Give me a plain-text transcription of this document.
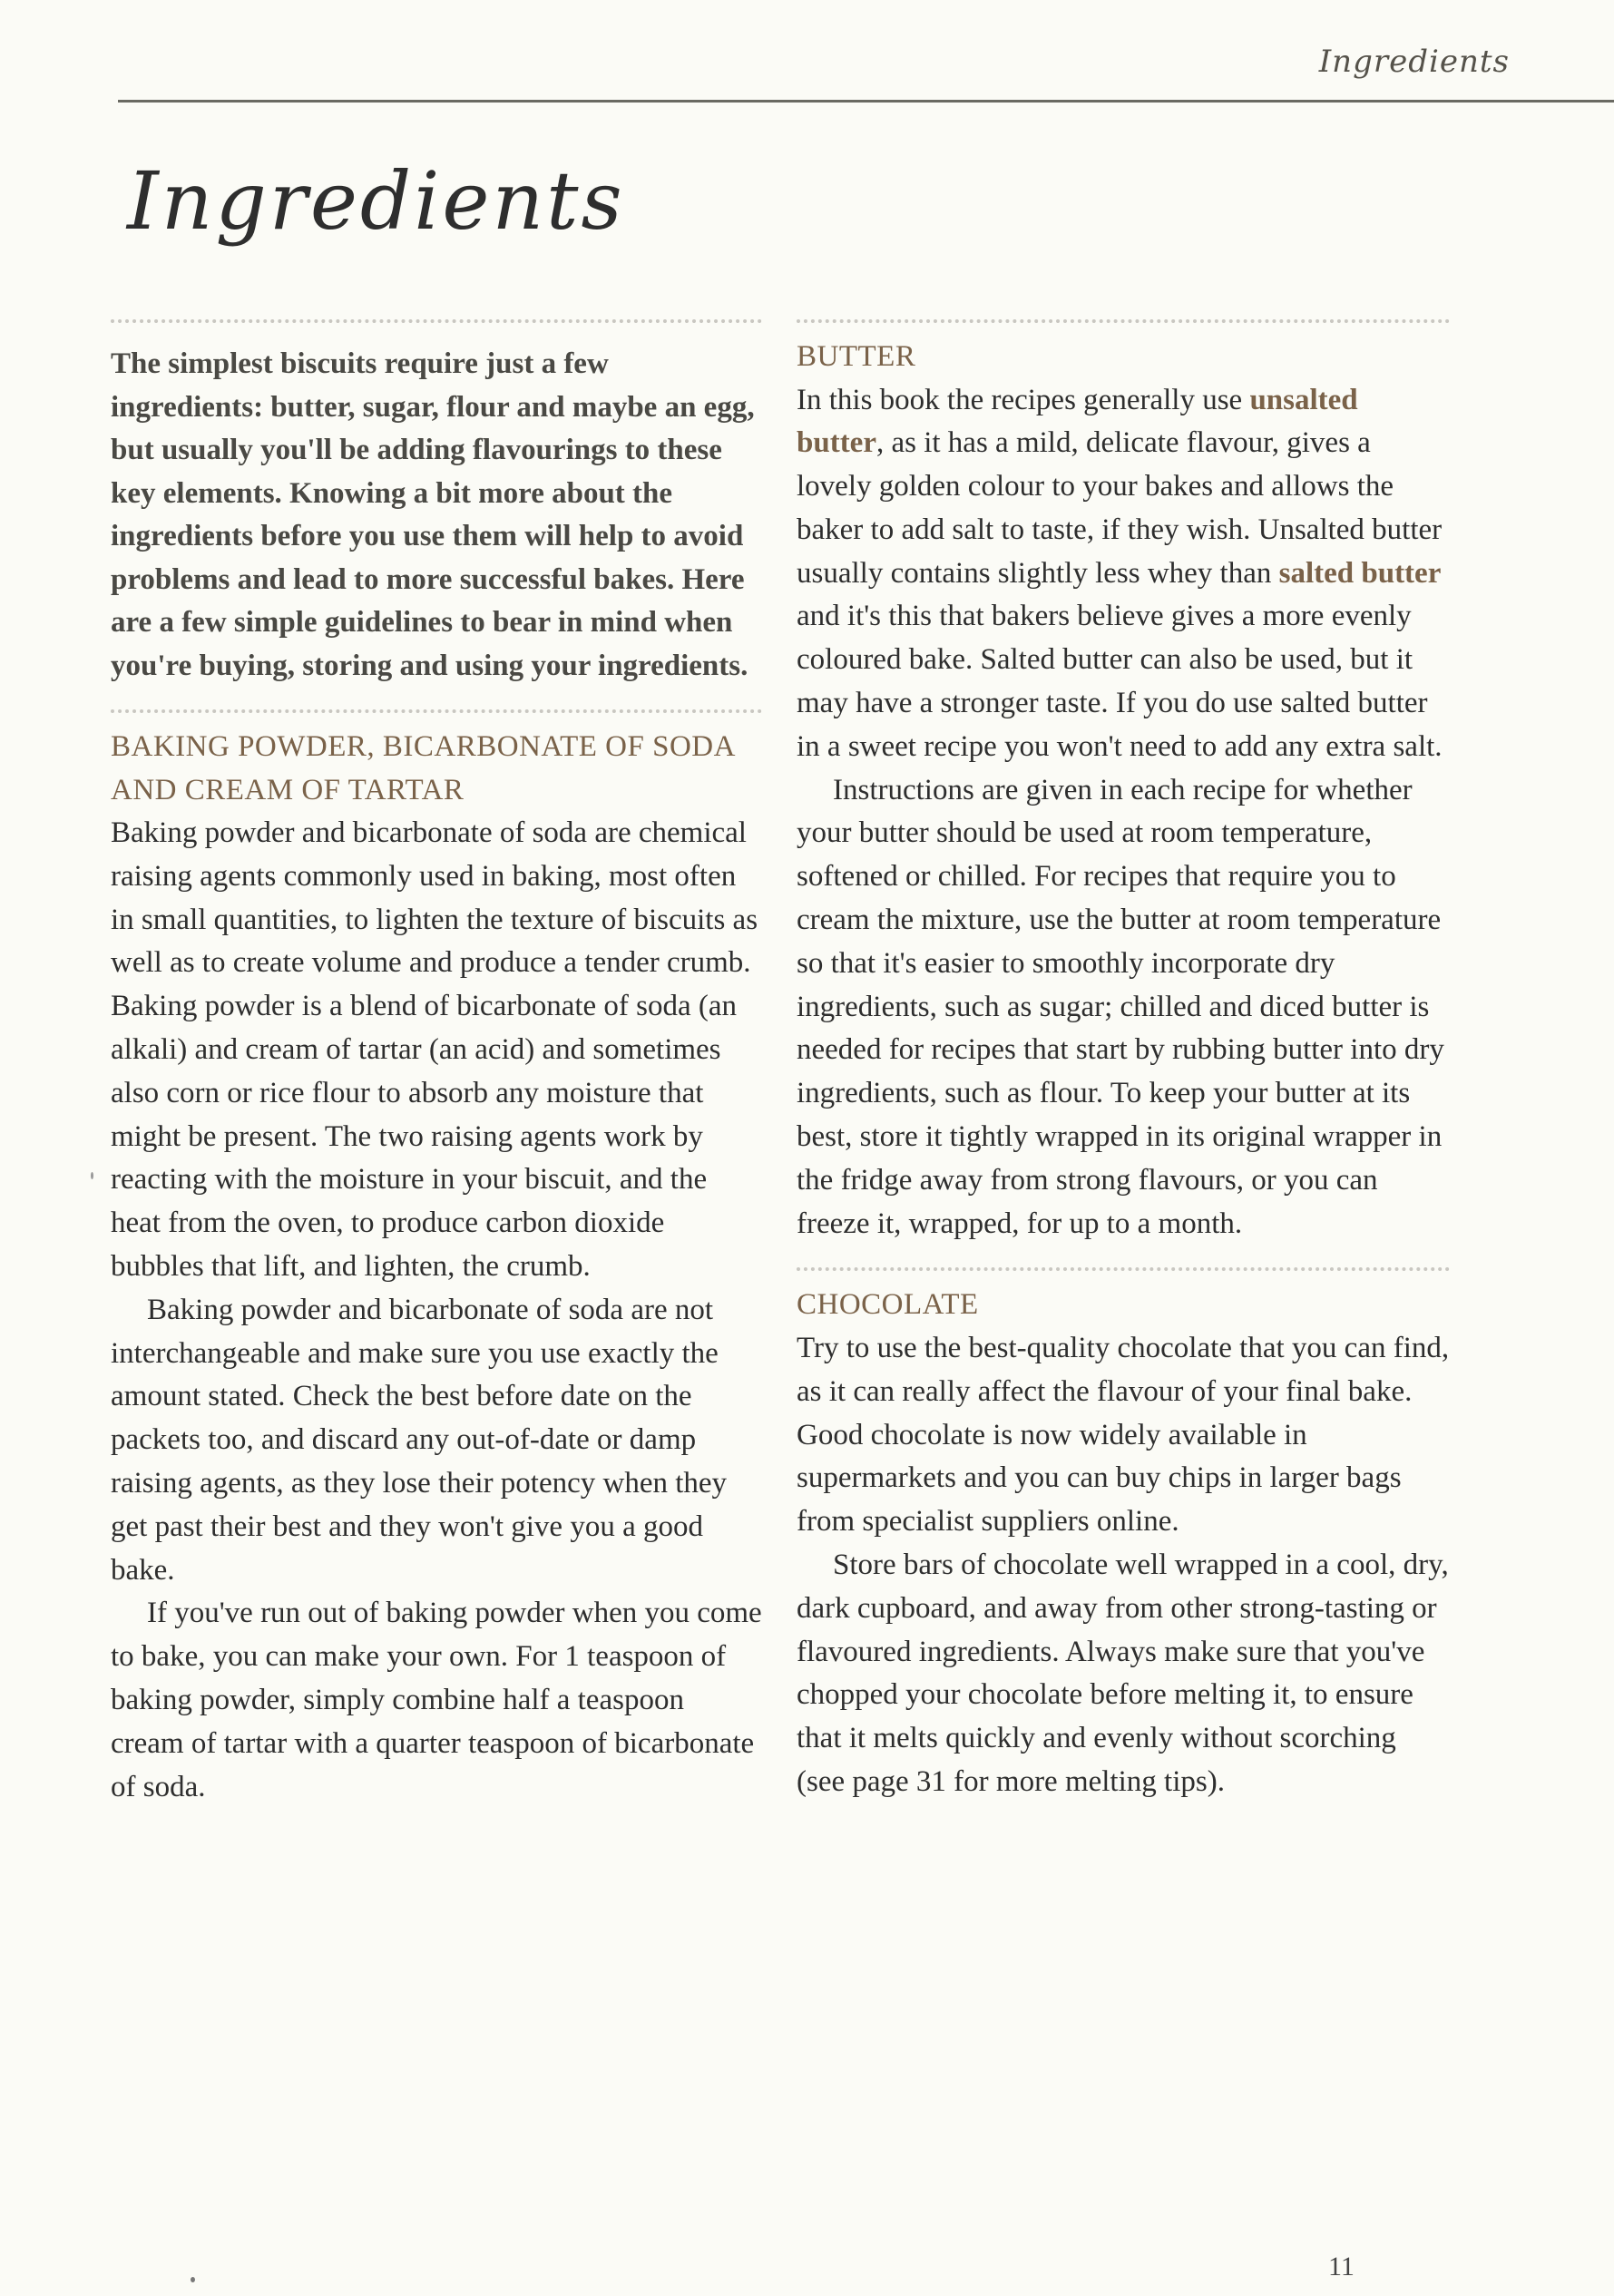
Ingredients
Ingredients

The simplest biscuits require just a few ingredients: butter, sugar, flour and maybe an egg, but usually you'll be adding flavourings to these key elements. Knowing a bit more about the ingredients before you use them will help to avoid problems and lead to more successful bakes. Here are a few simple guidelines to bear in mind when you're buying, storing and using your ingredients.

BAKING POWDER, BICARBONATE OF SODA AND CREAM OF TARTAR

Baking powder and bicarbonate of soda are chemical raising agents commonly used in baking, most often in small quantities, to lighten the texture of biscuits as well as to create volume and produce a tender crumb. Baking powder is a blend of bicarbonate of soda (an alkali) and cream of tartar (an acid) and sometimes also corn or rice flour to absorb any moisture that might be present. The two raising agents work by reacting with the moisture in your biscuit, and the heat from the oven, to produce carbon dioxide bubbles that lift, and lighten, the crumb.

Baking powder and bicarbonate of soda are not interchangeable and make sure you use exactly the amount stated. Check the best before date on the packets too, and discard any out-of-date or damp raising agents, as they lose their potency when they get past their best and they won't give you a good bake.

If you've run out of baking powder when you come to bake, you can make your own. For 1 teaspoon of baking powder, simply combine half a teaspoon cream of tartar with a quarter teaspoon of bicarbonate of soda.

BUTTER

In this book the recipes generally use unsalted butter, as it has a mild, delicate flavour, gives a lovely golden colour to your bakes and allows the baker to add salt to taste, if they wish. Unsalted butter usually contains slightly less whey than salted butter and it's this that bakers believe gives a more evenly coloured bake. Salted butter can also be used, but it may have a stronger taste. If you do use salted butter in a sweet recipe you won't need to add any extra salt.

Instructions are given in each recipe for whether your butter should be used at room temperature, softened or chilled. For recipes that require you to cream the mixture, use the butter at room temperature so that it's easier to smoothly incorporate dry ingredients, such as sugar; chilled and diced butter is needed for recipes that start by rubbing butter into dry ingredients, such as flour. To keep your butter at its best, store it tightly wrapped in its original wrapper in the fridge away from strong flavours, or you can freeze it, wrapped, for up to a month.

CHOCOLATE

Try to use the best-quality chocolate that you can find, as it can really affect the flavour of your final bake. Good chocolate is now widely available in supermarkets and you can buy chips in larger bags from specialist suppliers online.

Store bars of chocolate well wrapped in a cool, dry, dark cupboard, and away from other strong-tasting or flavoured ingredients. Always make sure that you've chopped your chocolate before melting it, to ensure that it melts quickly and evenly without scorching (see page 31 for more melting tips).

11
